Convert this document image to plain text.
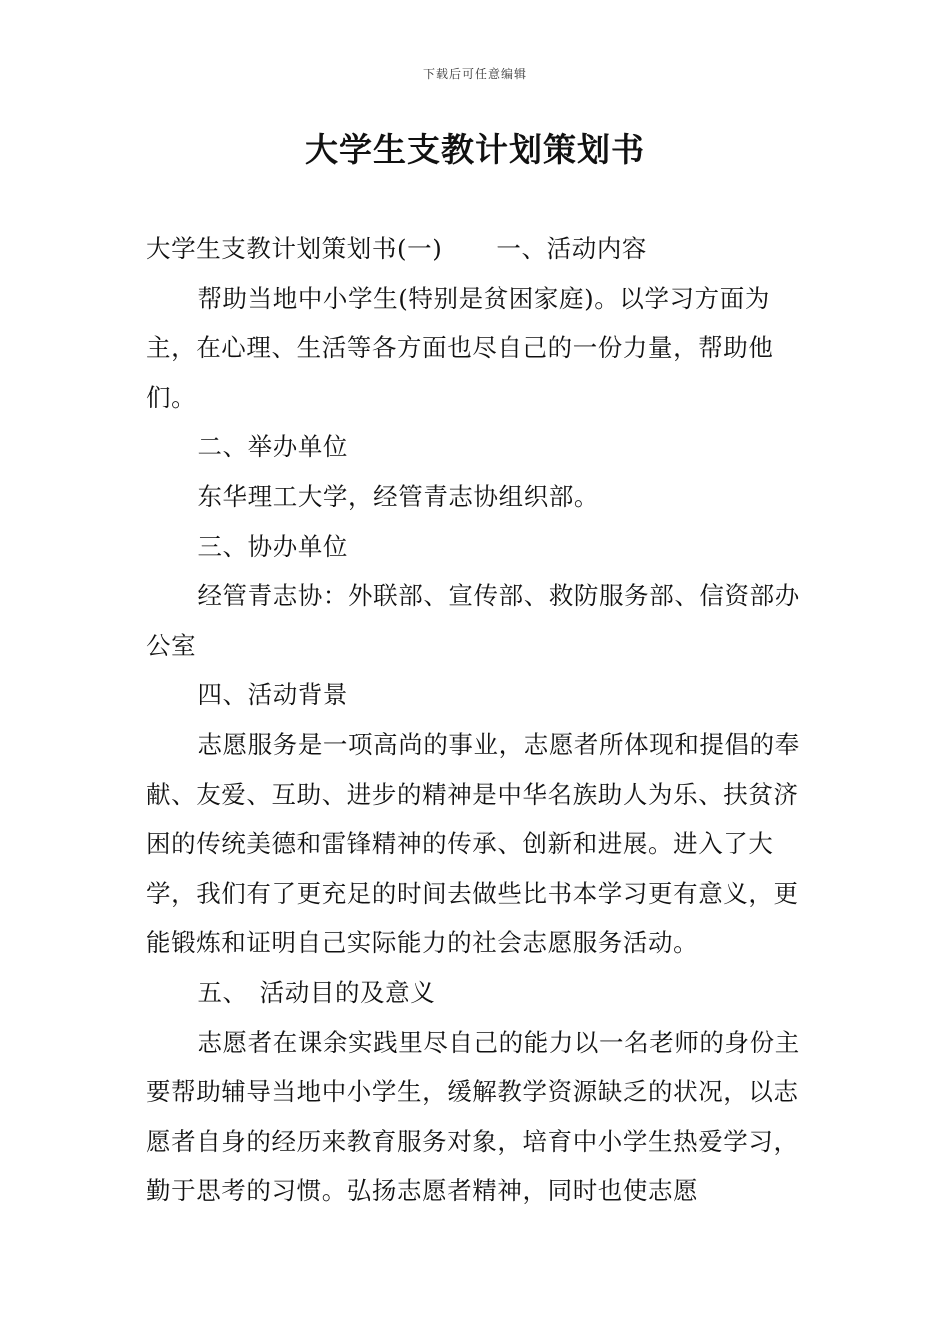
下载后可任意编辑
大学生支教计划策划书

大学生支教计划策划书(一) 一、活动内容

帮助当地中小学生(特别是贫困家庭)。以学习方面为主，在心理、生活等各方面也尽自己的一份力量，帮助他们。

二、举办单位

东华理工大学，经管青志协组织部。

三、协办单位

经管青志协：外联部、宣传部、救防服务部、信资部办公室

四、活动背景

志愿服务是一项高尚的事业，志愿者所体现和提倡的奉献、友爱、互助、进步的精神是中华名族助人为乐、扶贫济困的传统美德和雷锋精神的传承、创新和进展。进入了大学，我们有了更充足的时间去做些比书本学习更有意义，更能锻炼和证明自己实际能力的社会志愿服务活动。

五、 活动目的及意义

志愿者在课余实践里尽自己的能力以一名老师的身份主要帮助辅导当地中小学生，缓解教学资源缺乏的状况，以志愿者自身的经历来教育服务对象，培育中小学生热爱学习，勤于思考的习惯。弘扬志愿者精神，同时也使志愿
